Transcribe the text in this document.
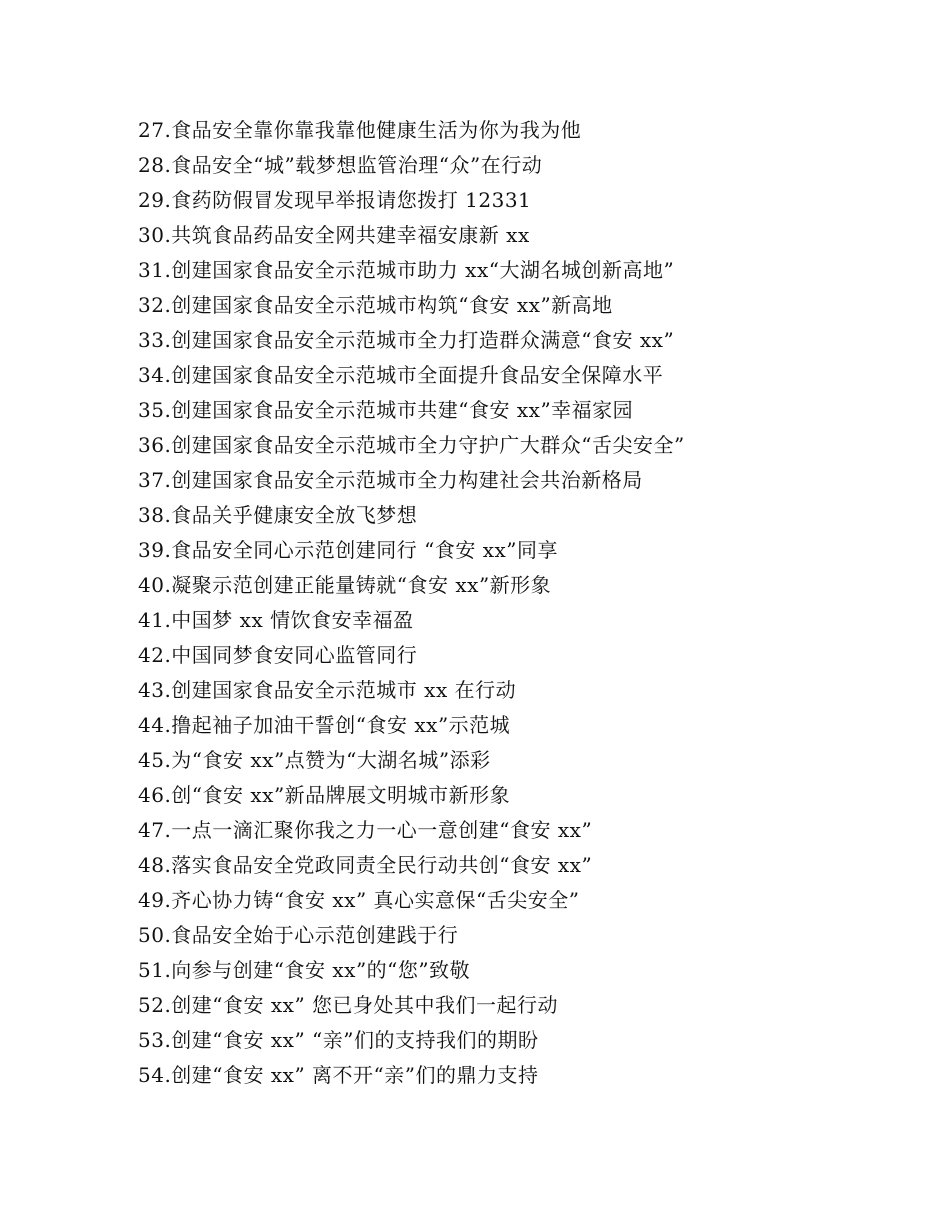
27.食品安全靠你靠我靠他健康生活为你为我为他
28.食品安全“城”载梦想监管治理“众”在行动
29.食药防假冒发现早举报请您拨打 12331
30.共筑食品药品安全网共建幸福安康新 xx
31.创建国家食品安全示范城市助力 xx“大湖名城创新高地”
32.创建国家食品安全示范城市构筑“食安 xx”新高地
33.创建国家食品安全示范城市全力打造群众满意“食安 xx”
34.创建国家食品安全示范城市全面提升食品安全保障水平
35.创建国家食品安全示范城市共建“食安 xx”幸福家园
36.创建国家食品安全示范城市全力守护广大群众“舌尖安全”
37.创建国家食品安全示范城市全力构建社会共治新格局
38.食品关乎健康安全放飞梦想
39.食品安全同心示范创建同行 “食安 xx”同享
40.凝聚示范创建正能量铸就“食安 xx”新形象
41.中国梦 xx 情饮食安幸福盈
42.中国同梦食安同心监管同行
43.创建国家食品安全示范城市 xx 在行动
44.撸起袖子加油干誓创“食安 xx”示范城
45.为“食安 xx”点赞为“大湖名城”添彩
46.创“食安 xx”新品牌展文明城市新形象
47.一点一滴汇聚你我之力一心一意创建“食安 xx”
48.落实食品安全党政同责全民行动共创“食安 xx”
49.齐心协力铸“食安 xx” 真心实意保“舌尖安全”
50.食品安全始于心示范创建践于行
51.向参与创建“食安 xx”的“您”致敬
52.创建“食安 xx” 您已身处其中我们一起行动
53.创建“食安 xx” “亲”们的支持我们的期盼
54.创建“食安 xx” 离不开“亲”们的鼎力支持
